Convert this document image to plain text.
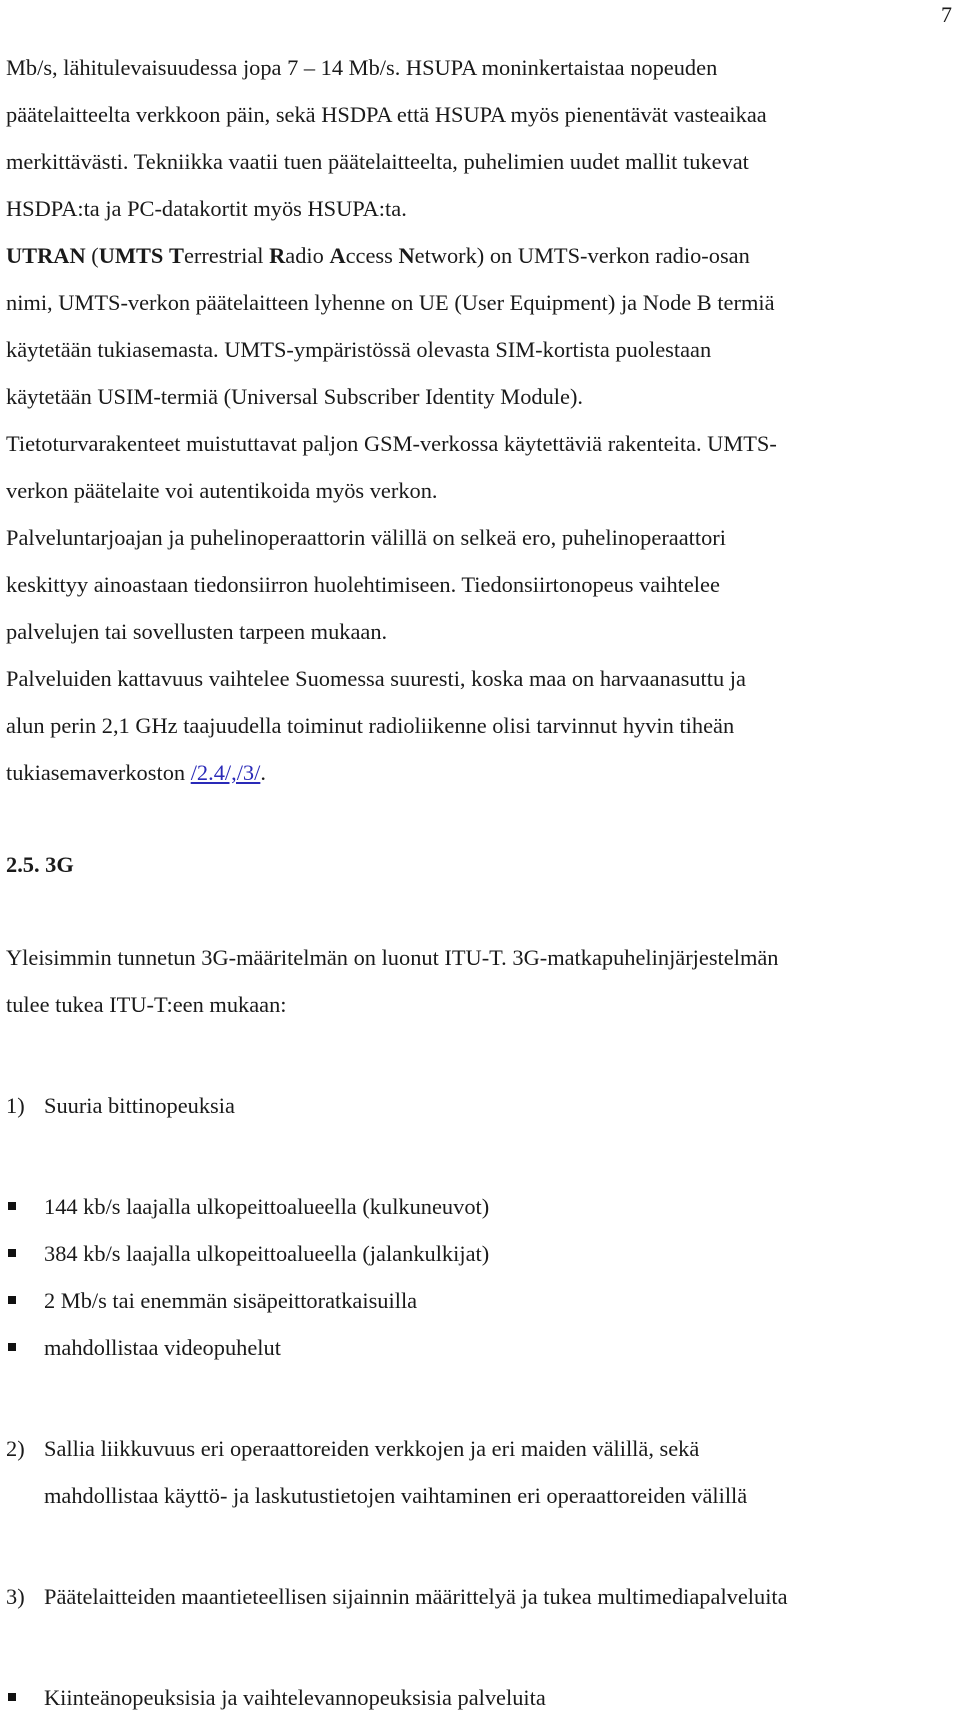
7

Mb/s, lähitulevaisuudessa jopa 7 – 14 Mb/s. HSUPA moninkertaistaa nopeuden

päätelaitteelta verkkoon päin, sekä HSDPA että HSUPA myös pienentävät vasteaikaa

merkittävästi. Tekniikka vaatii tuen päätelaitteelta, puhelimien uudet mallit tukevat

HSDPA:ta ja PC-datakortit myös HSUPA:ta.

UTRAN (UMTS Terrestrial Radio Access Network) on UMTS-verkon radio-osan

nimi, UMTS-verkon päätelaitteen lyhenne on UE (User Equipment) ja Node B termiä

käytetään tukiasemasta. UMTS-ympäristössä olevasta SIM-kortista puolestaan

käytetään USIM-termiä (Universal Subscriber Identity Module).

Tietoturvarakenteet muistuttavat paljon GSM-verkossa käytettäviä rakenteita. UMTS-

verkon päätelaite voi autentikoida myös verkon.

Palveluntarjoajan ja puhelinoperaattorin välillä on selkeä ero, puhelinoperaattori

keskittyy ainoastaan tiedonsiirron huolehtimiseen. Tiedonsiirtonopeus vaihtelee

palvelujen tai sovellusten tarpeen mukaan.

Palveluiden kattavuus vaihtelee Suomessa suuresti, koska maa on harvaanasuttu ja

alun perin 2,1 GHz taajuudella toiminut radioliikenne olisi tarvinnut hyvin tiheän

tukiasemaverkoston /2.4/,/3/.

2.5. 3G

Yleisimmin tunnetun 3G-määritelmän on luonut ITU-T. 3G-matkapuhelinjärjestelmän

tulee tukea ITU-T:een mukaan:

1) Suuria bittinopeuksia

144 kb/s laajalla ulkopeittoalueella (kulkuneuvot)

384 kb/s laajalla ulkopeittoalueella (jalankulkijat)

2 Mb/s tai enemmän sisäpeittoratkaisuilla

mahdollistaa videopuhelut

2) Sallia liikkuvuus eri operaattoreiden verkkojen ja eri maiden välillä, sekä

mahdollistaa käyttö- ja laskutustietojen vaihtaminen eri operaattoreiden välillä

3) Päätelaitteiden maantieteellisen sijainnin määrittelyä ja tukea multimediapalveluita

Kiinteänopeuksisia ja vaihtelevannopeuksisia palveluita
